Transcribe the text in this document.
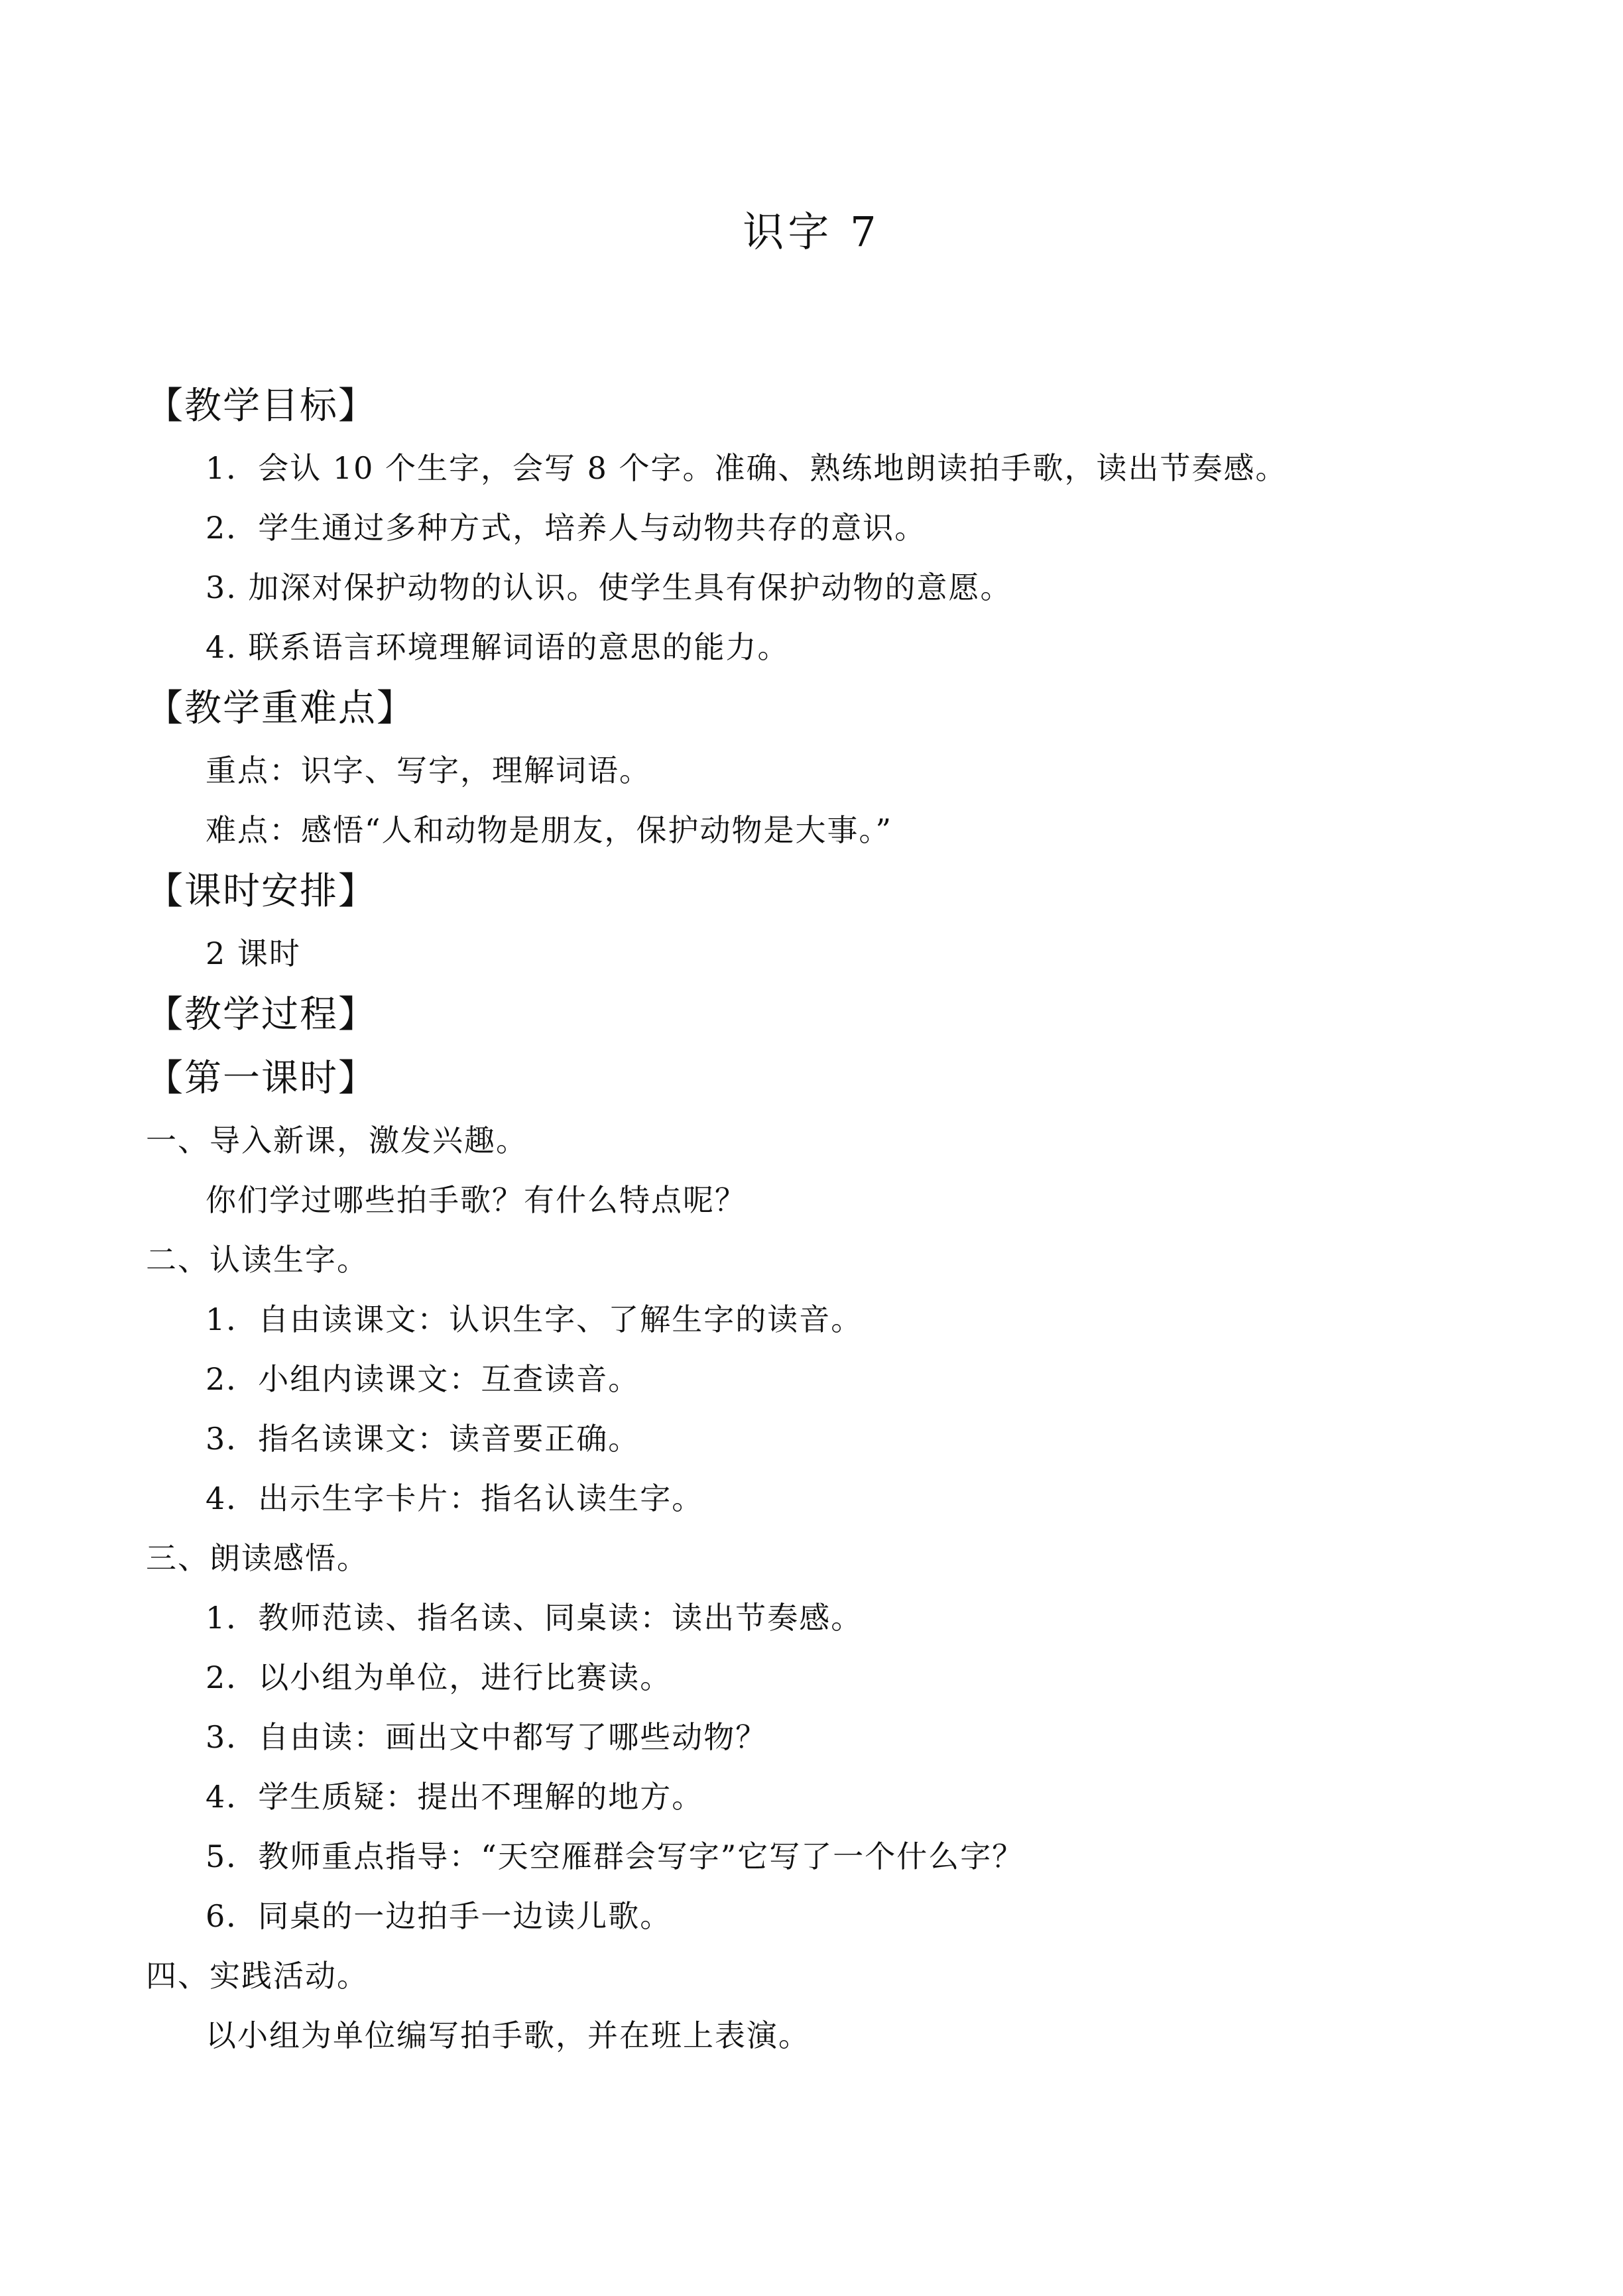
识字 7
【教学目标】
1．会认 10 个生字，会写 8 个字。准确、熟练地朗读拍手歌，读出节奏感。
2．学生通过多种方式，培养人与动物共存的意识。
3. 加深对保护动物的认识。使学生具有保护动物的意愿。
4. 联系语言环境理解词语的意思的能力。
【教学重难点】
重点：识字、写字，理解词语。
难点：感悟“人和动物是朋友，保护动物是大事。”
【课时安排】
2 课时
【教学过程】
【第一课时】
一、导入新课，激发兴趣。
你们学过哪些拍手歌？有什么特点呢？
二、认读生字。
1．自由读课文：认识生字、了解生字的读音。
2．小组内读课文：互查读音。
3．指名读课文：读音要正确。
4．出示生字卡片：指名认读生字。
三、朗读感悟。
1．教师范读、指名读、同桌读：读出节奏感。
2．以小组为单位，进行比赛读。
3．自由读：画出文中都写了哪些动物？
4．学生质疑：提出不理解的地方。
5．教师重点指导：“天空雁群会写字”它写了一个什么字？
6．同桌的一边拍手一边读儿歌。
四、实践活动。
以小组为单位编写拍手歌，并在班上表演。
